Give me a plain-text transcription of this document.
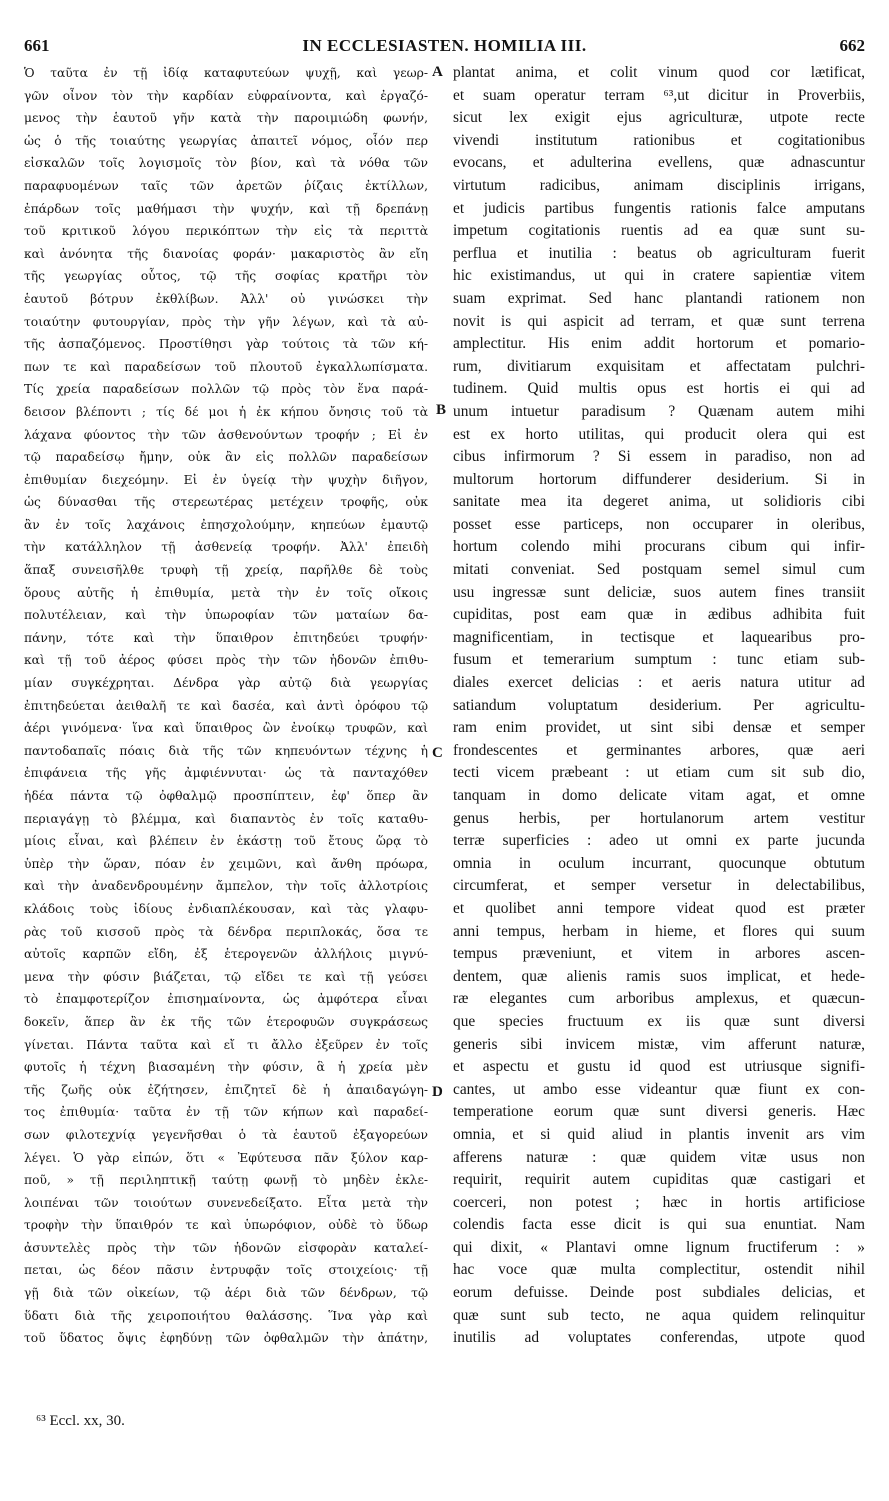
661	IN ECCLESIASTEN. HOMILIA III.	662
Ὁ ταῦτα ἐν τῇ ἰδίᾳ καταφυτεύων ψυχῇ, καὶ γεωρ-
γῶν οἶνον τὸν τὴν καρδίαν εὐφραίνοντα, καὶ ἐργαζό-
μενος τὴν ἑαυτοῦ γῆν κατὰ τὴν παροιμιώδη φωνήν,
ὡς ὁ τῆς τοιαύτης γεωργίας ἀπαιτεῖ νόμος, οἷόν περ
εἰσκαλῶν τοῖς λογισμοῖς τὸν βίον, καὶ τὰ νόθα τῶν
παραφυομένων ταῖς τῶν ἀρετῶν ῥίζαις ἐκτίλλων,
ἐπάρδων τοῖς μαθήμασι τὴν ψυχήν, καὶ τῇ δρεπάνῃ
τοῦ κριτικοῦ λόγου περικόπτων τὴν εἰς τὰ περιττὰ
καὶ ἀνόνητα τῆς διανοίας φοράν· μακαριστὸς ἂν εἴη
τῆς γεωργίας οὗτος, τῷ τῆς σοφίας κρατῆρι τὸν
ἑαυτοῦ βότρυν ἐκθλίβων. Ἀλλ' οὐ γινώσκει τὴν
τοιαύτην φυτουργίαν, πρὸς τὴν γῆν λέγων, καὶ τὰ αὐ-
τῆς ἀσπαζόμενος. Προστίθησι γὰρ τούτοις τὰ τῶν κή-
πων τε καὶ παραδείσων τοῦ πλουτοῦ ἐγκαλλωπίσματα.
Τίς χρεία παραδείσων πολλῶν τῷ πρὸς τὸν ἕνα παρά-
δεισον βλέποντι ; τίς δέ μοι ἡ ἐκ κήπου ὄνησις τοῦ τὰ
λάχανα φύοντος τὴν τῶν ἀσθενούντων τροφήν ; Εἰ ἐν
τῷ παραδείσῳ ἤμην, οὐκ ἂν εἰς πολλῶν παραδείσων
ἐπιθυμίαν διεχεόμην. Εἰ ἐν ὑγείᾳ τὴν ψυχὴν διῆγον,
ὡς δύνασθαι τῆς στερεωτέρας μετέχειν τροφῆς, οὐκ
ἂν ἐν τοῖς λαχάνοις ἐπησχολούμην, κηπεύων ἐμαυτῷ
τὴν κατάλληλον τῇ ἀσθενείᾳ τροφήν. Ἀλλ' ἐπειδὴ
ἅπαξ συνεισῆλθε τρυφὴ τῇ χρείᾳ, παρῆλθε δὲ τοὺς
ὅρους αὐτῆς ἡ ἐπιθυμία, μετὰ τὴν ἐν τοῖς οἴκοις
πολυτέλειαν, καὶ τὴν ὑπωροφίαν τῶν ματαίων δα-
πάνην, τότε καὶ τὴν ὕπαιθρον ἐπιτηδεύει τρυφήν·
καὶ τῇ τοῦ ἀέρος φύσει πρὸς τὴν τῶν ἡδονῶν ἐπιθυ-
μίαν συγκέχρηται. Δένδρα γὰρ αὐτῷ διὰ γεωργίας
ἐπιτηδεύεται ἀειθαλῆ τε καὶ δασέα, καὶ ἀντὶ ὀρόφου τῷ
ἀέρι γινόμενα· ἵνα καὶ ὕπαιθρος ὢν ἐνοίκῳ τρυφῶν, καὶ
παντοδαπαῖς πόαις διὰ τῆς τῶν κηπευόντων τέχνης ἡ
ἐπιφάνεια τῆς γῆς ἀμφιέννυται· ὡς τὰ πανταχόθεν
ἡδέα πάντα τῷ ὀφθαλμῷ προσπίπτειν, ἐφ' ὅπερ ἂν
περιαγάγῃ τὸ βλέμμα, καὶ διαπαντὸς ἐν τοῖς καταθυ-
μίοις εἶναι, καὶ βλέπειν ἐν ἑκάστῃ τοῦ ἔτους ὥρᾳ τὸ
ὑπὲρ τὴν ὥραν, πόαν ἐν χειμῶνι, καὶ ἄνθη πρόωρα,
καὶ τὴν ἀναδενδρουμένην ἄμπελον, τὴν τοῖς ἀλλοτρίοις
κλάδοις τοὺς ἰδίους ἐνδιαπλέκουσαν, καὶ τὰς γλαφυ-
ρὰς τοῦ κισσοῦ πρὸς τὰ δένδρα περιπλοκάς, ὅσα τε
αὐτοῖς καρπῶν εἴδη, ἐξ ἑτερογενῶν ἀλλήλοις μιγνύ-
μενα τὴν φύσιν βιάζεται, τῷ εἴδει τε καὶ τῇ γεύσει
τὸ ἐπαμφοτερίζον ἐπισημαίνοντα, ὡς ἀμφότερα εἶναι
δοκεῖν, ἅπερ ἂν ἐκ τῆς τῶν ἑτεροφυῶν συγκράσεως
γίνεται. Πάντα ταῦτα καὶ εἴ τι ἄλλο ἐξεῦρεν ἐν τοῖς
φυτοῖς ἡ τέχνη βιασαμένη τὴν φύσιν, ἃ ἡ χρεία μὲν
τῆς ζωῆς οὐκ ἐζήτησεν, ἐπιζητεῖ δὲ ἡ ἀπαιδαγώγη-
τος ἐπιθυμία· ταῦτα ἐν τῇ τῶν κήπων καὶ παραδεί-
σων φιλοτεχνίᾳ γεγενῆσθαι ὁ τὰ ἑαυτοῦ ἐξαγορεύων
λέγει. Ὁ γὰρ εἰπών, ὅτι « Ἐφύτευσα πᾶν ξύλον καρ-
ποῦ, » τῇ περιληπτικῇ ταύτῃ φωνῇ τὸ μηδὲν ἐκλε-
λοιπέναι τῶν τοιούτων συνενεδείξατο. Εἶτα μετὰ τὴν
τροφὴν τὴν ὕπαιθρόν τε καὶ ὑπωρόφιον, οὐδὲ τὸ ὕδωρ
ἀσυντελὲς πρὸς τὴν τῶν ἡδονῶν εἰσφορὰν καταλεί-
πεται, ὡς δέον πᾶσιν ἐντρυφᾷν τοῖς στοιχείοις· τῇ
γῇ διὰ τῶν οἰκείων, τῷ ἀέρι διὰ τῶν δένδρων, τῷ
ὕδατι διὰ τῆς χειροποιήτου θαλάσσης. Ἵνα γὰρ καὶ
τοῦ ὕδατος ὄψις ἐφηδύνῃ τῶν ὀφθαλμῶν τὴν ἀπάτην,
plantat anima, et colit vinum quod cor lætificat,
et suam operatur terram ⁶³,ut dicitur in Proverbiis,
sicut lex exigit ejus agriculturæ, utpote recte
vivendi institutum rationibus et cogitationibus
evocans, et adulterina evellens, quæ adnascuntur
virtutum radicibus, animam disciplinis irrigans,
et judicis partibus fungentis rationis falce amputans
impetum cogitationis ruentis ad ea quæ sunt su-
perflua et inutilia : beatus ob agriculturam fuerit
hic existimandus, ut qui in cratere sapientiæ vitem
suam exprimat. Sed hanc plantandi rationem non
novit is qui aspicit ad terram, et quæ sunt terrena
amplectitur. His enim addit hortorum et pomario-
rum, divitiarum exquisitam et affectatam pulchri-
tudinem. Quid multis opus est hortis ei qui ad
unum intuetur paradisum ? Quænam autem mihi
est ex horto utilitas, qui producit olera qui est
cibus infirmorum ? Si essem in paradiso, non ad
multorum hortorum diffunderer desiderium. Si in
sanitate mea ita degeret anima, ut solidioris cibi
posset esse particeps, non occuparer in oleribus,
hortum colendo mihi procurans cibum qui infir-
mitati conveniat. Sed postquam semel simul cum
usu ingressæ sunt deliciæ, suos autem fines transiit
cupiditas, post eam quæ in ædibus adhibita fuit
magnificentiam, in tectisque et laquearibus pro-
fusum et temerarium sumptum : tunc etiam sub-
diales exercet delicias : et aeris natura utitur ad
satiandum voluptatum desiderium. Per agricultu-
ram enim providet, ut sint sibi densæ et semper
frondescentes et germinantes arbores, quæ aeri
tecti vicem præbeant : ut etiam cum sit sub dio,
tanquam in domo delicate vitam agat, et omne
genus herbis, per hortulanorum artem vestitur
terræ superficies : adeo ut omni ex parte jucunda
omnia in oculum incurrant, quocunque obtutum
circumferat, et semper versetur in delectabilibus,
et quolibet anni tempore videat quod est præter
anni tempus, herbam in hieme, et flores qui suum
tempus præveniunt, et vitem in arbores ascen-
dentem, quæ alienis ramis suos implicat, et hede-
ræ elegantes cum arboribus amplexus, et quæcun-
que species fructuum ex iis quæ sunt diversi
generis sibi invicem mistæ, vim afferunt naturæ,
et aspectu et gustu id quod est utriusque signifi-
cantes, ut ambo esse videantur quæ fiunt ex con-
temperatione eorum quæ sunt diversi generis. Hæc
omnia, et si quid aliud in plantis invenit ars vim
afferens naturæ : quæ quidem vitæ usus non
requirit, requirit autem cupiditas quæ castigari et
coerceri, non potest ; hæc in hortis artificiose
colendis facta esse dicit is qui sua enuntiat. Nam
qui dixit, « Plantavi omne lignum fructiferum : »
hac voce quæ multa complectitur, ostendit nihil
eorum defuisse. Deinde post subdiales delicias, et
quæ sunt sub tecto, ne aqua quidem relinquitur
inutilis ad voluptates conferendas, utpote quod
A
B
C
D
⁶³ Eccl. xx, 30.
